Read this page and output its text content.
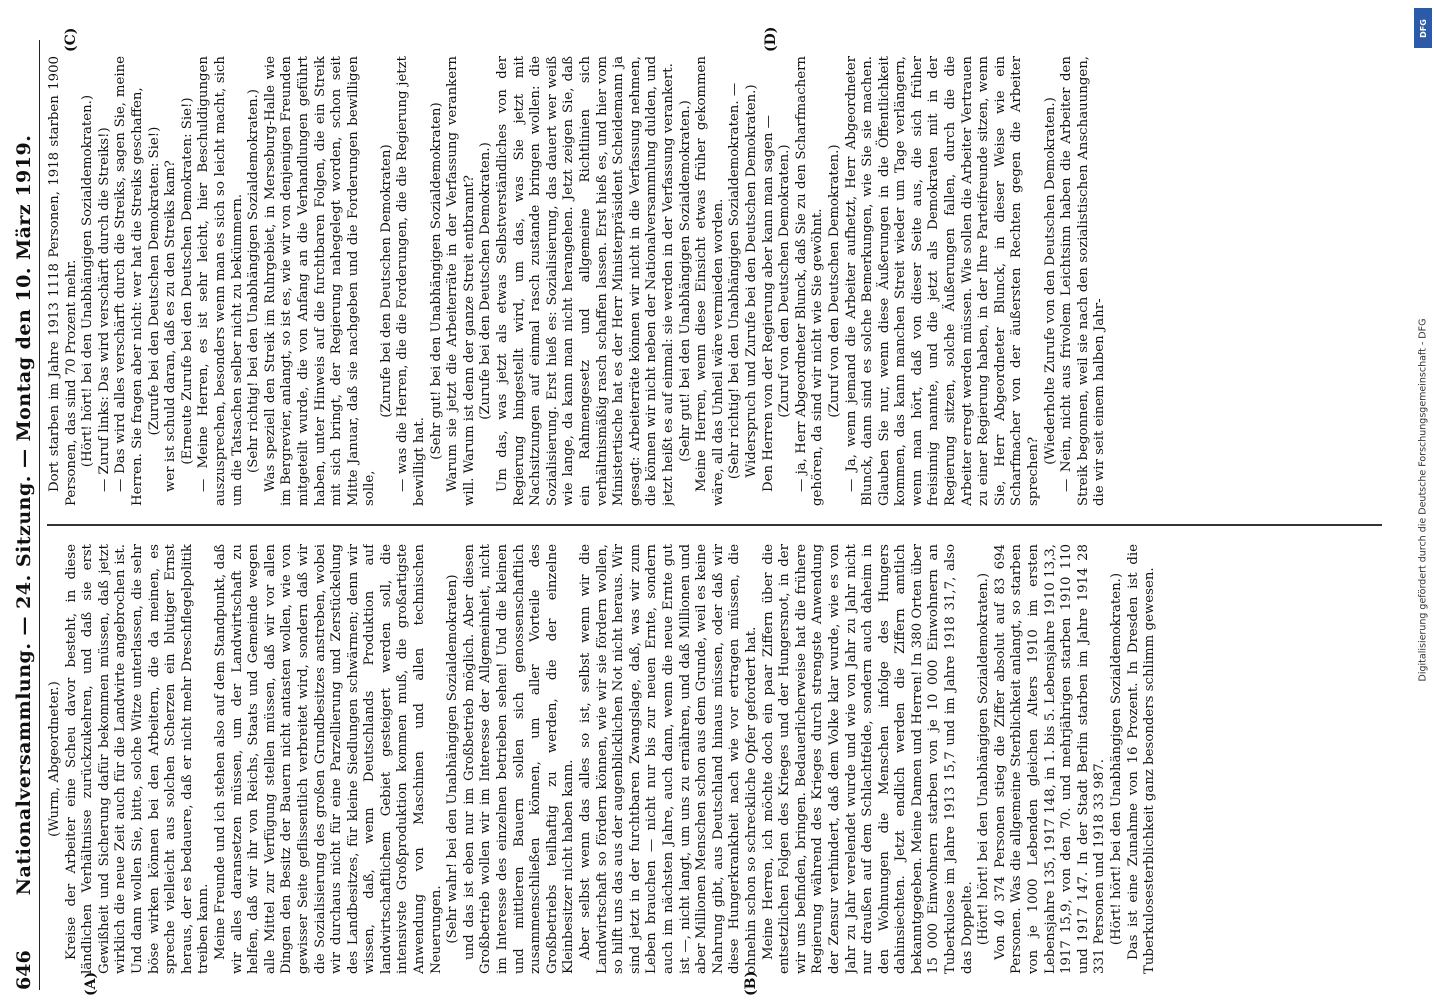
646
Nationalversammlung. — 24. Sitzung. — Montag den 10. März 1919.
(A)	(B)
(C)	(D)

(Wurm, Abgeordneter.) Kreise der Arbeiter eine Scheu davor besteht, in diese ländlichen Verhältnisse zurückzukehren, und daß sie erst Gewißheit und Sicherung dafür bekommen müssen, daß jetzt wirklich die neue Zeit auch für die Landwirte angebrochen ist. Und dann wollen Sie, bitte, solche Witze unterlassen, die sehr böse wirken können bei den Arbeitern, die da meinen, es spreche vielleicht aus solchen Scherzen ein blutiger Ernst heraus, der es bedauere, daß er nicht mehr Dreschflegelpolitik treiben kann. Meine Freunde und ich stehen also auf dem Standpunkt, daß wir alles daransetzen müssen, um der Landwirtschaft zu helfen, daß wir ihr von Reichs, Staats und Gemeinde wegen alle Mittel zur Verfügung stellen müssen, daß wir vor allen Dingen den Besitz der Bauern nicht antasten wollen, wie von gewisser Seite geflissentlich verbreitet wird, sondern daß wir die Sozialisierung des großen Grundbesitzes anstreben, wobei wir durchaus nicht für eine Parzellierung und Zerstückelung des Landbesitzes, für kleine Siedlungen schwärmen; denn wir wissen, daß, wenn Deutschlands Produktion auf landwirtschaftlichem Gebiet gesteigert werden soll, die intensivste Großproduktion kommen muß, die großartigste Anwendung von Maschinen und allen technischen Neuerungen. (Sehr wahr! bei den Unabhängigen Sozialdemokraten) und das ist eben nur im Großbetrieb möglich. Aber diesen Großbetrieb wollen wir im Interesse der Allgemeinheit, nicht im Interesse des einzelnen betrieben sehen! Und die kleinen und mittleren Bauern sollen sich genossenschaftlich zusammenschließen können, um aller Vorteile des Großbetriebs teilhaftig zu werden, die der einzelne Kleinbesitzer nicht haben kann. Aber selbst wenn das alles so ist, selbst wenn wir die Landwirtschaft so fördern können, wie wir sie fördern wollen, so hilft uns das aus der augenblicklichen Not nicht heraus. Wir sind jetzt in der furchtbaren Zwangslage, daß, was wir zum Leben brauchen — nicht nur bis zur neuen Ernte, sondern auch im nächsten Jahre, auch dann, wenn die neue Ernte gut ist —, nicht langt, um uns zu ernähren, und daß Millionen und aber Millionen Menschen schon aus dem Grunde, weil es keine Nahrung gibt, aus Deutschland hinaus müssen, oder daß wir diese Hungerkrankheit nach wie vor ertragen müssen, die ohnehin schon so schreckliche Opfer gefordert hat. Meine Herren, ich möchte doch ein paar Ziffern über die entsetzlichen Folgen des Krieges und der Hungersnot, in der wir uns befinden, bringen. Bedauerlicherweise hat die frühere Regierung während des Krieges durch strengste Anwendung der Zensur verhindert, daß dem Volke klar wurde, wie es von Jahr zu Jahr verelendet wurde und wie von Jahr zu Jahr nicht nur draußen auf dem Schlachtfelde, sondern auch daheim in den Wohnungen die Menschen infolge des Hungers dahinsiechten. Jetzt endlich werden die Ziffern amtlich bekanntgegeben. Meine Damen und Herren! In 380 Orten über 15 000 Einwohnern starben von je 10 000 Einwohnern an Tuberkulose im Jahre 1913 15,7 und im Jahre 1918 31,7, also das Doppelte. (Hört! hört! bei den Unabhängigen Sozialdemokraten.) Von 40 374 Personen stieg die Ziffer absolut auf 83 694 Personen. Was die allgemeine Sterblichkeit anlangt, so starben von je 1000 Lebenden gleichen Alters 1910 im ersten Lebensjahre 135, 1917 148, in 1. bis 5. Lebensjahre 1910 13,3, 1917 15,9, von den 70. und mehrjährigen starben 1910 110 und 1917 147. In der Stadt Berlin starben im Jahre 1914 28 331 Personen und 1918 33 987. (Hört! hört! bei den Unabhängigen Sozialdemokraten.) Das ist eine Zunahme von 16 Prozent. In Dresden ist die Tuberkulosesterblichkeit ganz besonders schlimm gewesen.

Dort starben im Jahre 1913 1118 Personen, 1918 starben 1900 Personen, das sind 70 Prozent mehr. (Hört! hört! bei den Unabhängigen Sozialdemokraten.) — Zuruf links: Das wird verschärft durch die Streiks!) — Das wird alles verschärft durch die Streiks, sagen Sie, meine Herren. Sie fragen aber nicht: wer hat die Streiks geschaffen, (Zurufe bei den Deutschen Demokraten: Sie!) wer ist schuld daran, daß es zu den Streiks kam? (Erneute Zurufe bei den Deutschen Demokraten: Sie!) — Meine Herren, es ist sehr leicht, hier Beschuldigungen auszusprechen, besonders wenn man es sich so leicht macht, sich um die Tatsachen selber nicht zu bekümmern. (Sehr richtig! bei den Unabhängigen Sozialdemokraten.) Was speziell den Streik im Ruhrgebiet, in Merseburg-Halle wie im Bergrevier, anlangt, so ist es, wie wir von denjenigen Freunden mitgeteilt wurde, die von Anfang an die Verhandlungen geführt haben, unter Hinweis auf die furchtbaren Folgen, die ein Streik mit sich bringt, der Regierung nahegelegt worden, schon seit Mitte Januar, daß sie nachgeben und die Forderungen bewilligen solle,

(Zurufe bei den Deutschen Demokraten) — was die Herren, die die Forderungen, die die Regierung jetzt bewilligt hat.

(Sehr gut! bei den Unabhängigen Sozialdemokraten) Warum sie jetzt die Arbeiterräte in der Verfassung verankern will. Warum ist denn der ganze Streit entbrannt? (Zurufe bei den Deutschen Demokraten.) Um das, was jetzt als etwas Selbstverständliches von der Regierung hingestellt wird, um das, was Sie jetzt mit Nachsitzungen auf einmal rasch zustande bringen wollen: die Sozialisierung. Erst hieß es: Sozialisierung, das dauert wer weiß wie lange, da kann man nicht herangehen. Jetzt zeigen Sie, daß ein Rahmengesetz und allgemeine Richtlinien sich verhältnismäßig rasch schaffen lassen. Erst hieß es, und hier vom Ministertische hat es der Herr Ministerpräsident Scheidemann ja gesagt: Arbeiterräte können wir nicht in die Verfassung nehmen, die können wir nicht neben der Nationalversammlung dulden, und jetzt heißt es auf einmal: sie werden in der Verfassung verankert. (Sehr gut! bei den Unabhängigen Sozialdemokraten.) Meine Herren, wenn diese Einsicht etwas früher gekommen wäre, all das Unheil wäre vermieden worden. (Sehr richtig! bei den Unabhängigen Sozialdemokraten. — Widerspruch und Zurufe bei den Deutschen Demokraten.) Den Herren von der Regierung aber kann man sagen — (Zuruf von den Deutschen Demokraten.) — ja, Herr Abgeordneter Blunck, daß Sie zu den Scharfmachern gehören, da sind wir nicht wie Sie gewöhnt. (Zuruf von den Deutschen Demokraten.) — Ja, wenn jemand die Arbeiter aufhetzt, Herr Abgeordneter Blunck, dann sind es solche Bemerkungen, wie Sie sie machen. Glauben Sie nur, wenn diese Äußerungen in die Öffentlichkeit kommen, das kann manchen Streit wieder um Tage verlängern, wenn man hört, daß von dieser Seite aus, die sich früher freisinnig nannte, und die jetzt als Demokraten mit in der Regierung sitzen, solche Äußerungen fallen, durch die die Arbeiter erregt werden müssen. Wie sollen die Arbeiter Vertrauen zu einer Regierung haben, in der Ihre Parteifreunde sitzen, wenn Sie, Herr Abgeordneter Blunck, in dieser Weise wie ein Scharfmacher von der äußersten Rechten gegen die Arbeiter sprechen?

(Wiederholte Zurufe von den Deutschen Demokraten.) — Nein, nicht aus frivolem Leichtsinn haben die Arbeiter den Streik begonnen, weil sie nach den sozialistischen Anschauungen, die wir seit einem halben Jahr-

DFG
Digitalisierung gefördert durch die Deutsche Forschungsgemeinschaft - DFG
